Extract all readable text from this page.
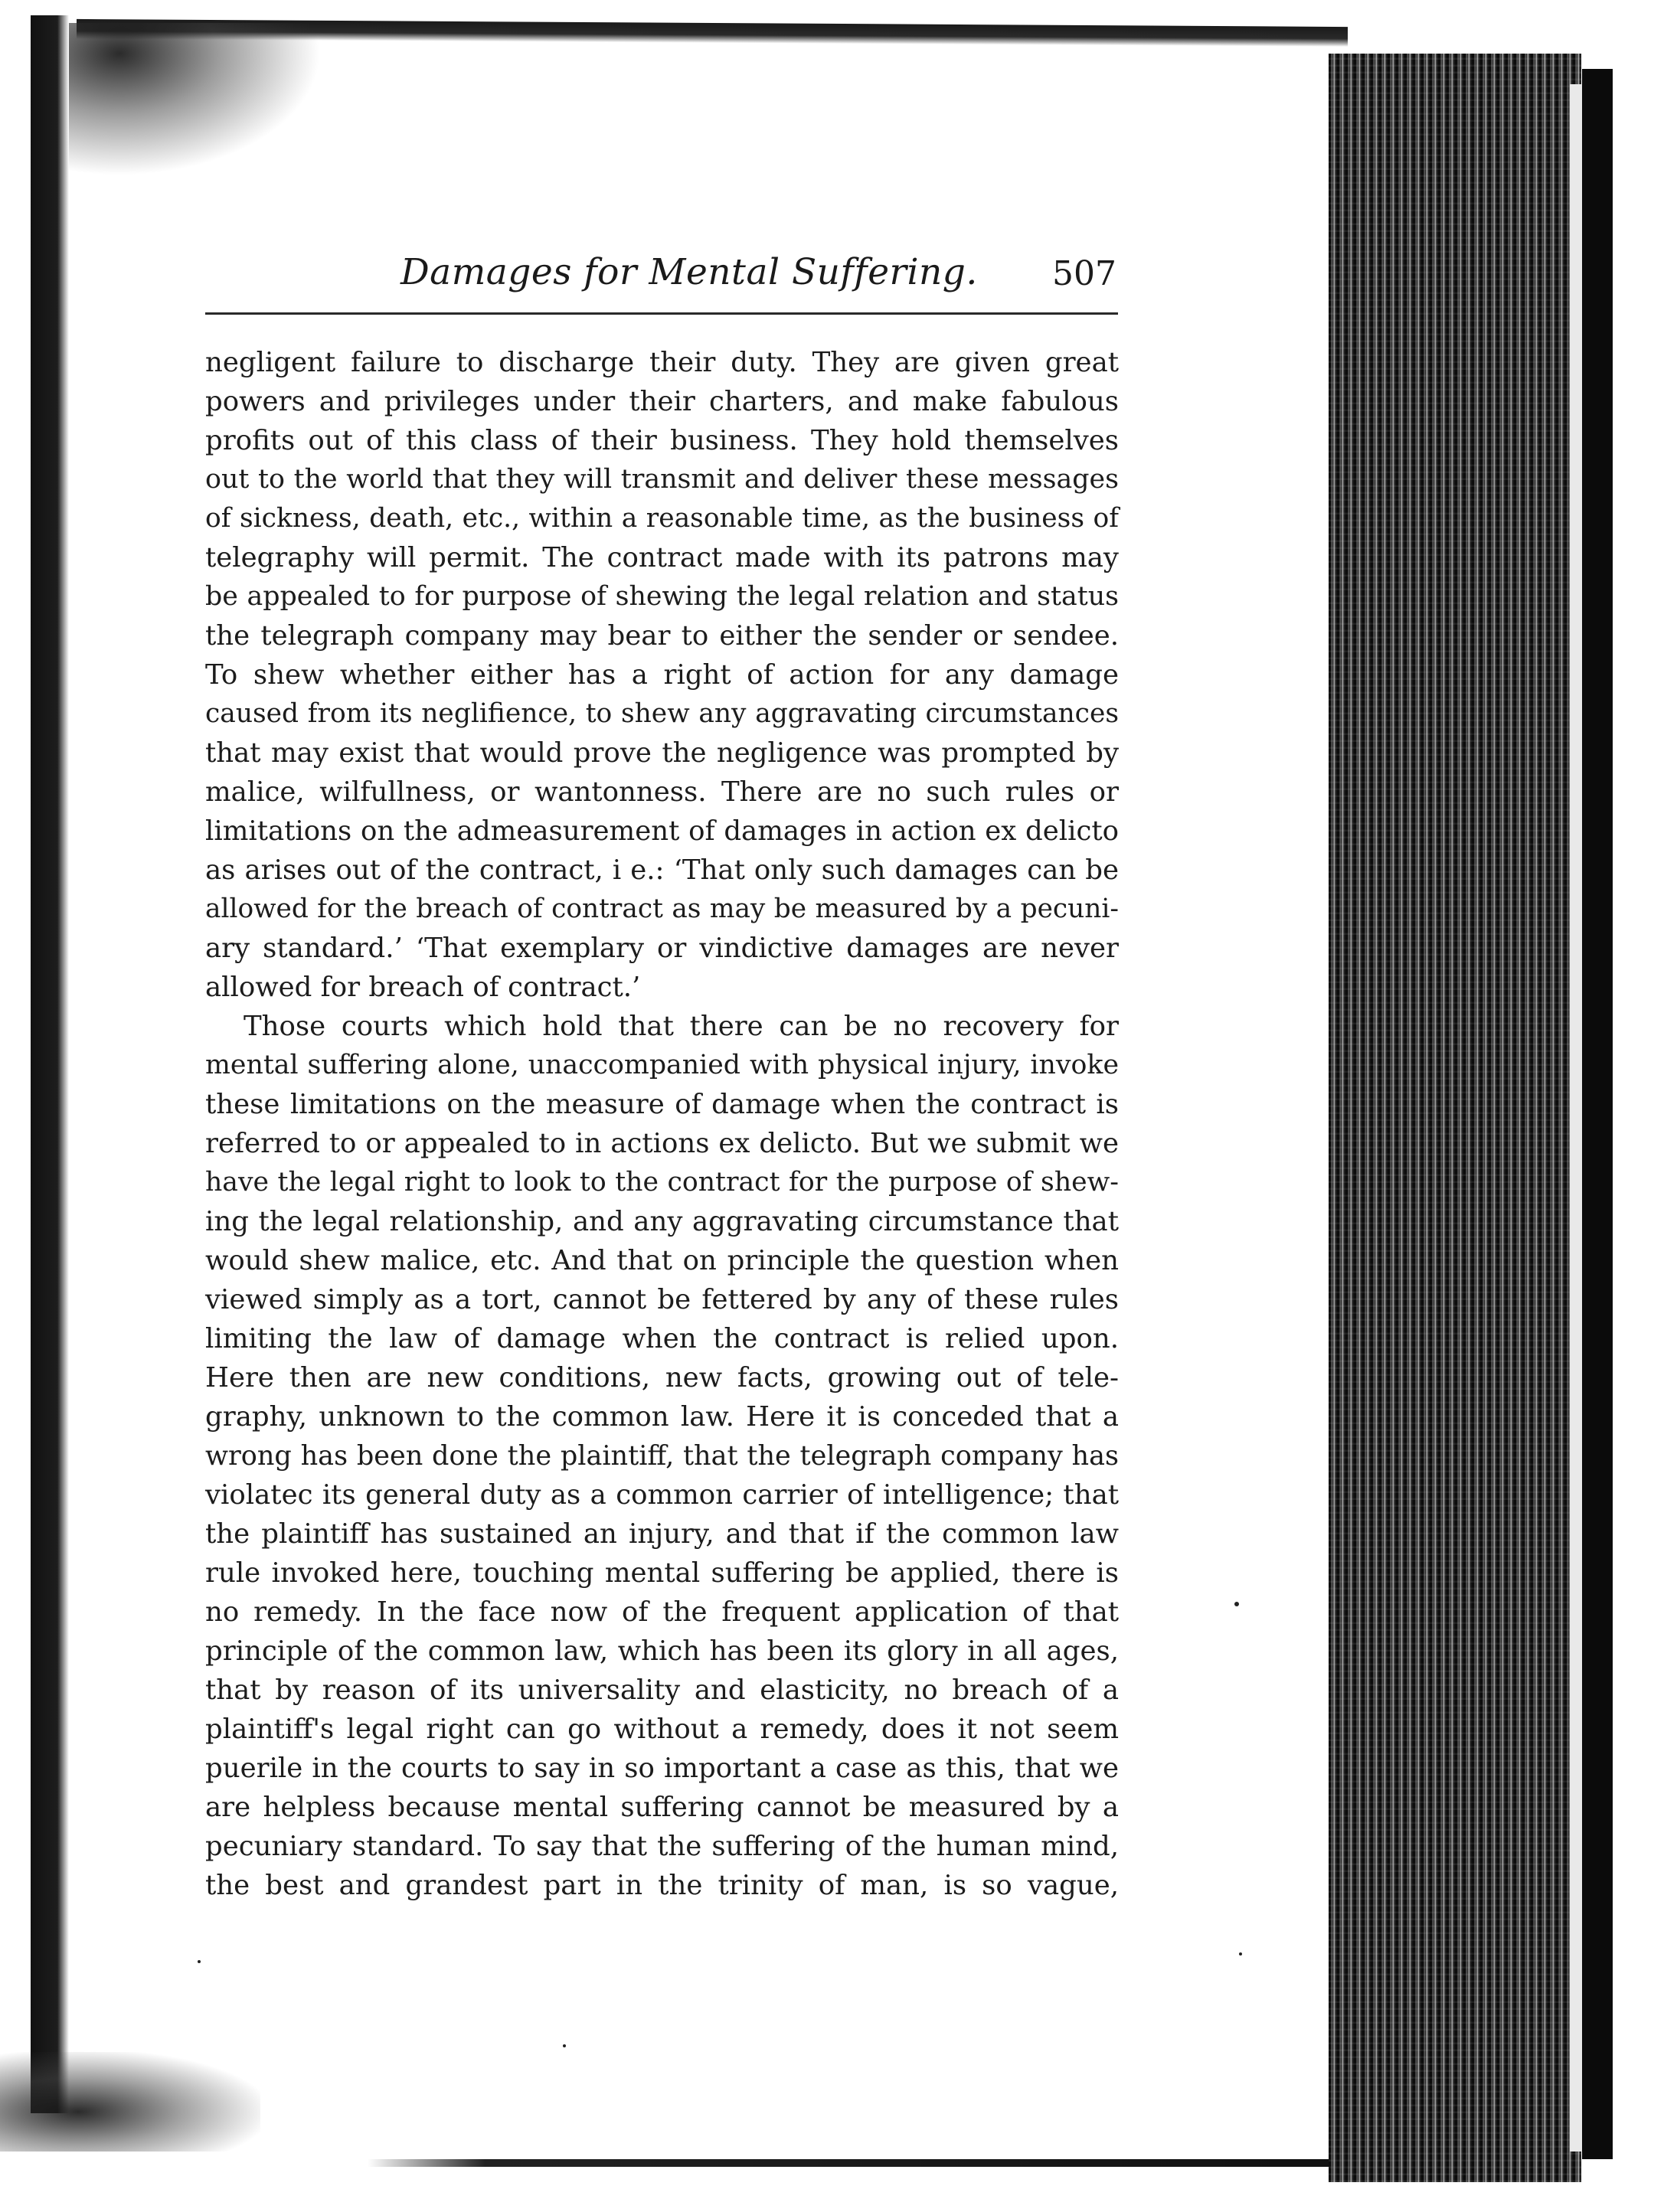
Damages for Mental Suffering. 507
negligent failure to discharge their duty. They are given great
powers and privileges under their charters, and make fabulous
profits out of this class of their business. They hold themselves
out to the world that they will transmit and deliver these messages
of sickness, death, etc., within a reasonable time, as the business of
telegraphy will permit. The contract made with its patrons may
be appealed to for purpose of shewing the legal relation and status
the telegraph company may bear to either the sender or sendee.
To shew whether either has a right of action for any damage
caused from its neglifience, to shew any aggravating circumstances
that may exist that would prove the negligence was prompted by
malice, wilfullness, or wantonness. There are no such rules or
limitations on the admeasurement of damages in action ex delicto
as arises out of the contract, i e.: ‘That only such damages can be
allowed for the breach of contract as may be measured by a pecuni-
ary standard.’ ‘That exemplary or vindictive damages are never
allowed for breach of contract.’
Those courts which hold that there can be no recovery for
mental suffering alone, unaccompanied with physical injury, invoke
these limitations on the measure of damage when the contract is
referred to or appealed to in actions ex delicto. But we submit we
have the legal right to look to the contract for the purpose of shew-
ing the legal relationship, and any aggravating circumstance that
would shew malice, etc. And that on principle the question when
viewed simply as a tort, cannot be fettered by any of these rules
limiting the law of damage when the contract is relied upon.
Here then are new conditions, new facts, growing out of tele-
graphy, unknown to the common law. Here it is conceded that a
wrong has been done the plaintiff, that the telegraph company has
violatec its general duty as a common carrier of intelligence; that
the plaintiff has sustained an injury, and that if the common law
rule invoked here, touching mental suffering be applied, there is
no remedy. In the face now of the frequent application of that
principle of the common law, which has been its glory in all ages,
that by reason of its universality and elasticity, no breach of a
plaintiff's legal right can go without a remedy, does it not seem
puerile in the courts to say in so important a case as this, that we
are helpless because mental suffering cannot be measured by a
pecuniary standard. To say that the suffering of the human mind,
the best and grandest part in the trinity of man, is so vague,
